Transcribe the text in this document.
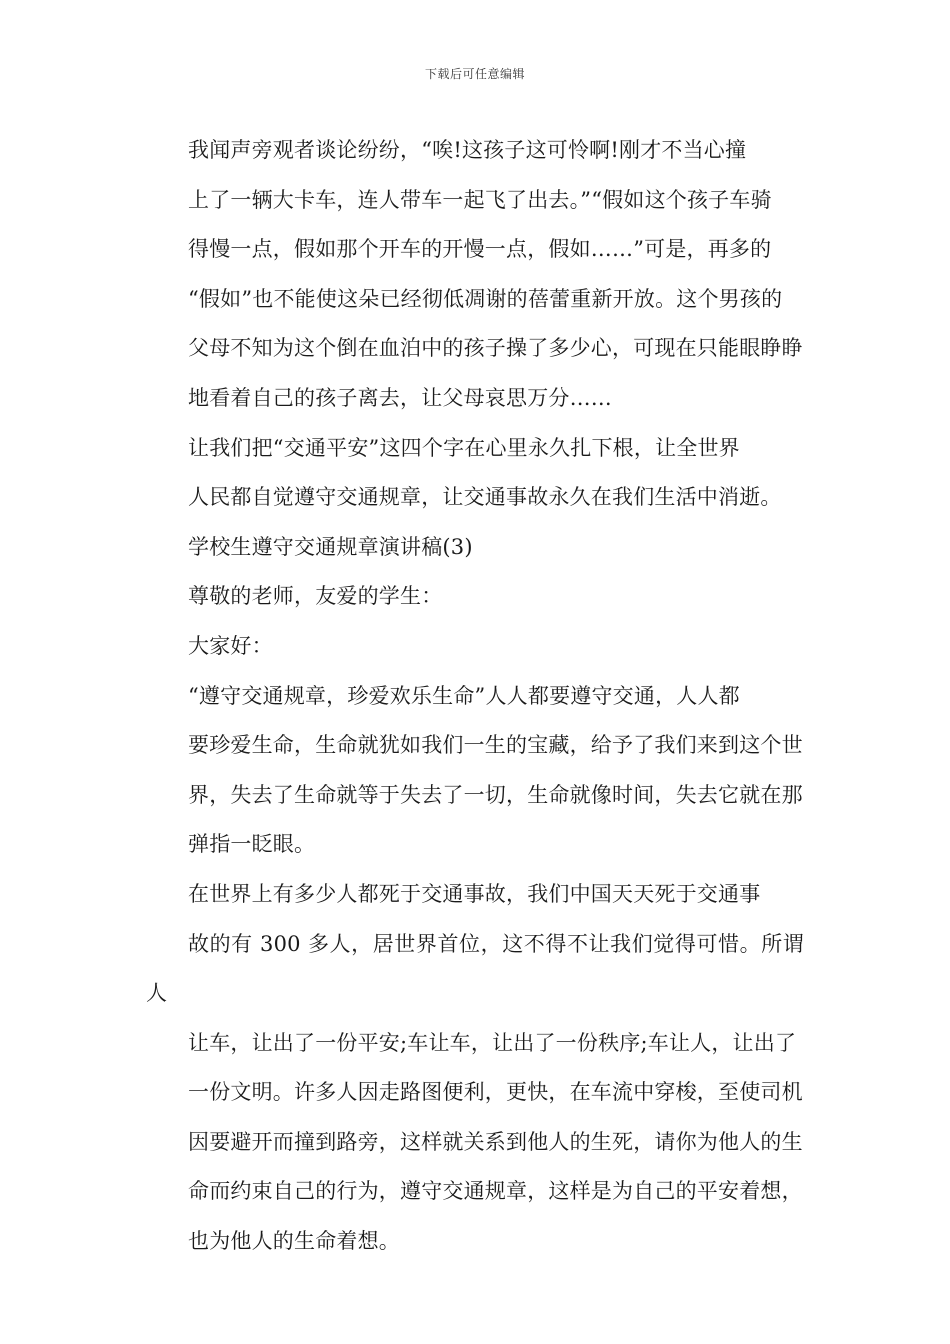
下载后可任意编辑

我闻声旁观者谈论纷纷，“唉!这孩子这可怜啊!刚才不当心撞
上了一辆大卡车，连人带车一起飞了出去。”“假如这个孩子车骑
得慢一点，假如那个开车的开慢一点，假如……”可是，再多的
“假如”也不能使这朵已经彻低凋谢的蓓蕾重新开放。这个男孩的
父母不知为这个倒在血泊中的孩子操了多少心，可现在只能眼睁睁
地看着自己的孩子离去，让父母哀思万分……

让我们把“交通平安”这四个字在心里永久扎下根，让全世界
人民都自觉遵守交通规章，让交通事故永久在我们生活中消逝。

学校生遵守交通规章演讲稿(3)

尊敬的老师，友爱的学生：

大家好：

“遵守交通规章，珍爱欢乐生命”人人都要遵守交通，人人都
要珍爱生命，生命就犹如我们一生的宝藏，给予了我们来到这个世
界，失去了生命就等于失去了一切，生命就像时间，失去它就在那
弹指一眨眼。

在世界上有多少人都死于交通事故，我们中国天天死于交通事
故的有 300 多人，居世界首位，这不得不让我们觉得可惜。所谓人
让车，让出了一份平安;车让车，让出了一份秩序;车让人，让出了
一份文明。许多人因走路图便利，更快，在车流中穿梭，至使司机
因要避开而撞到路旁，这样就关系到他人的生死，请你为他人的生
命而约束自己的行为，遵守交通规章，这样是为自己的平安着想，
也为他人的生命着想。
